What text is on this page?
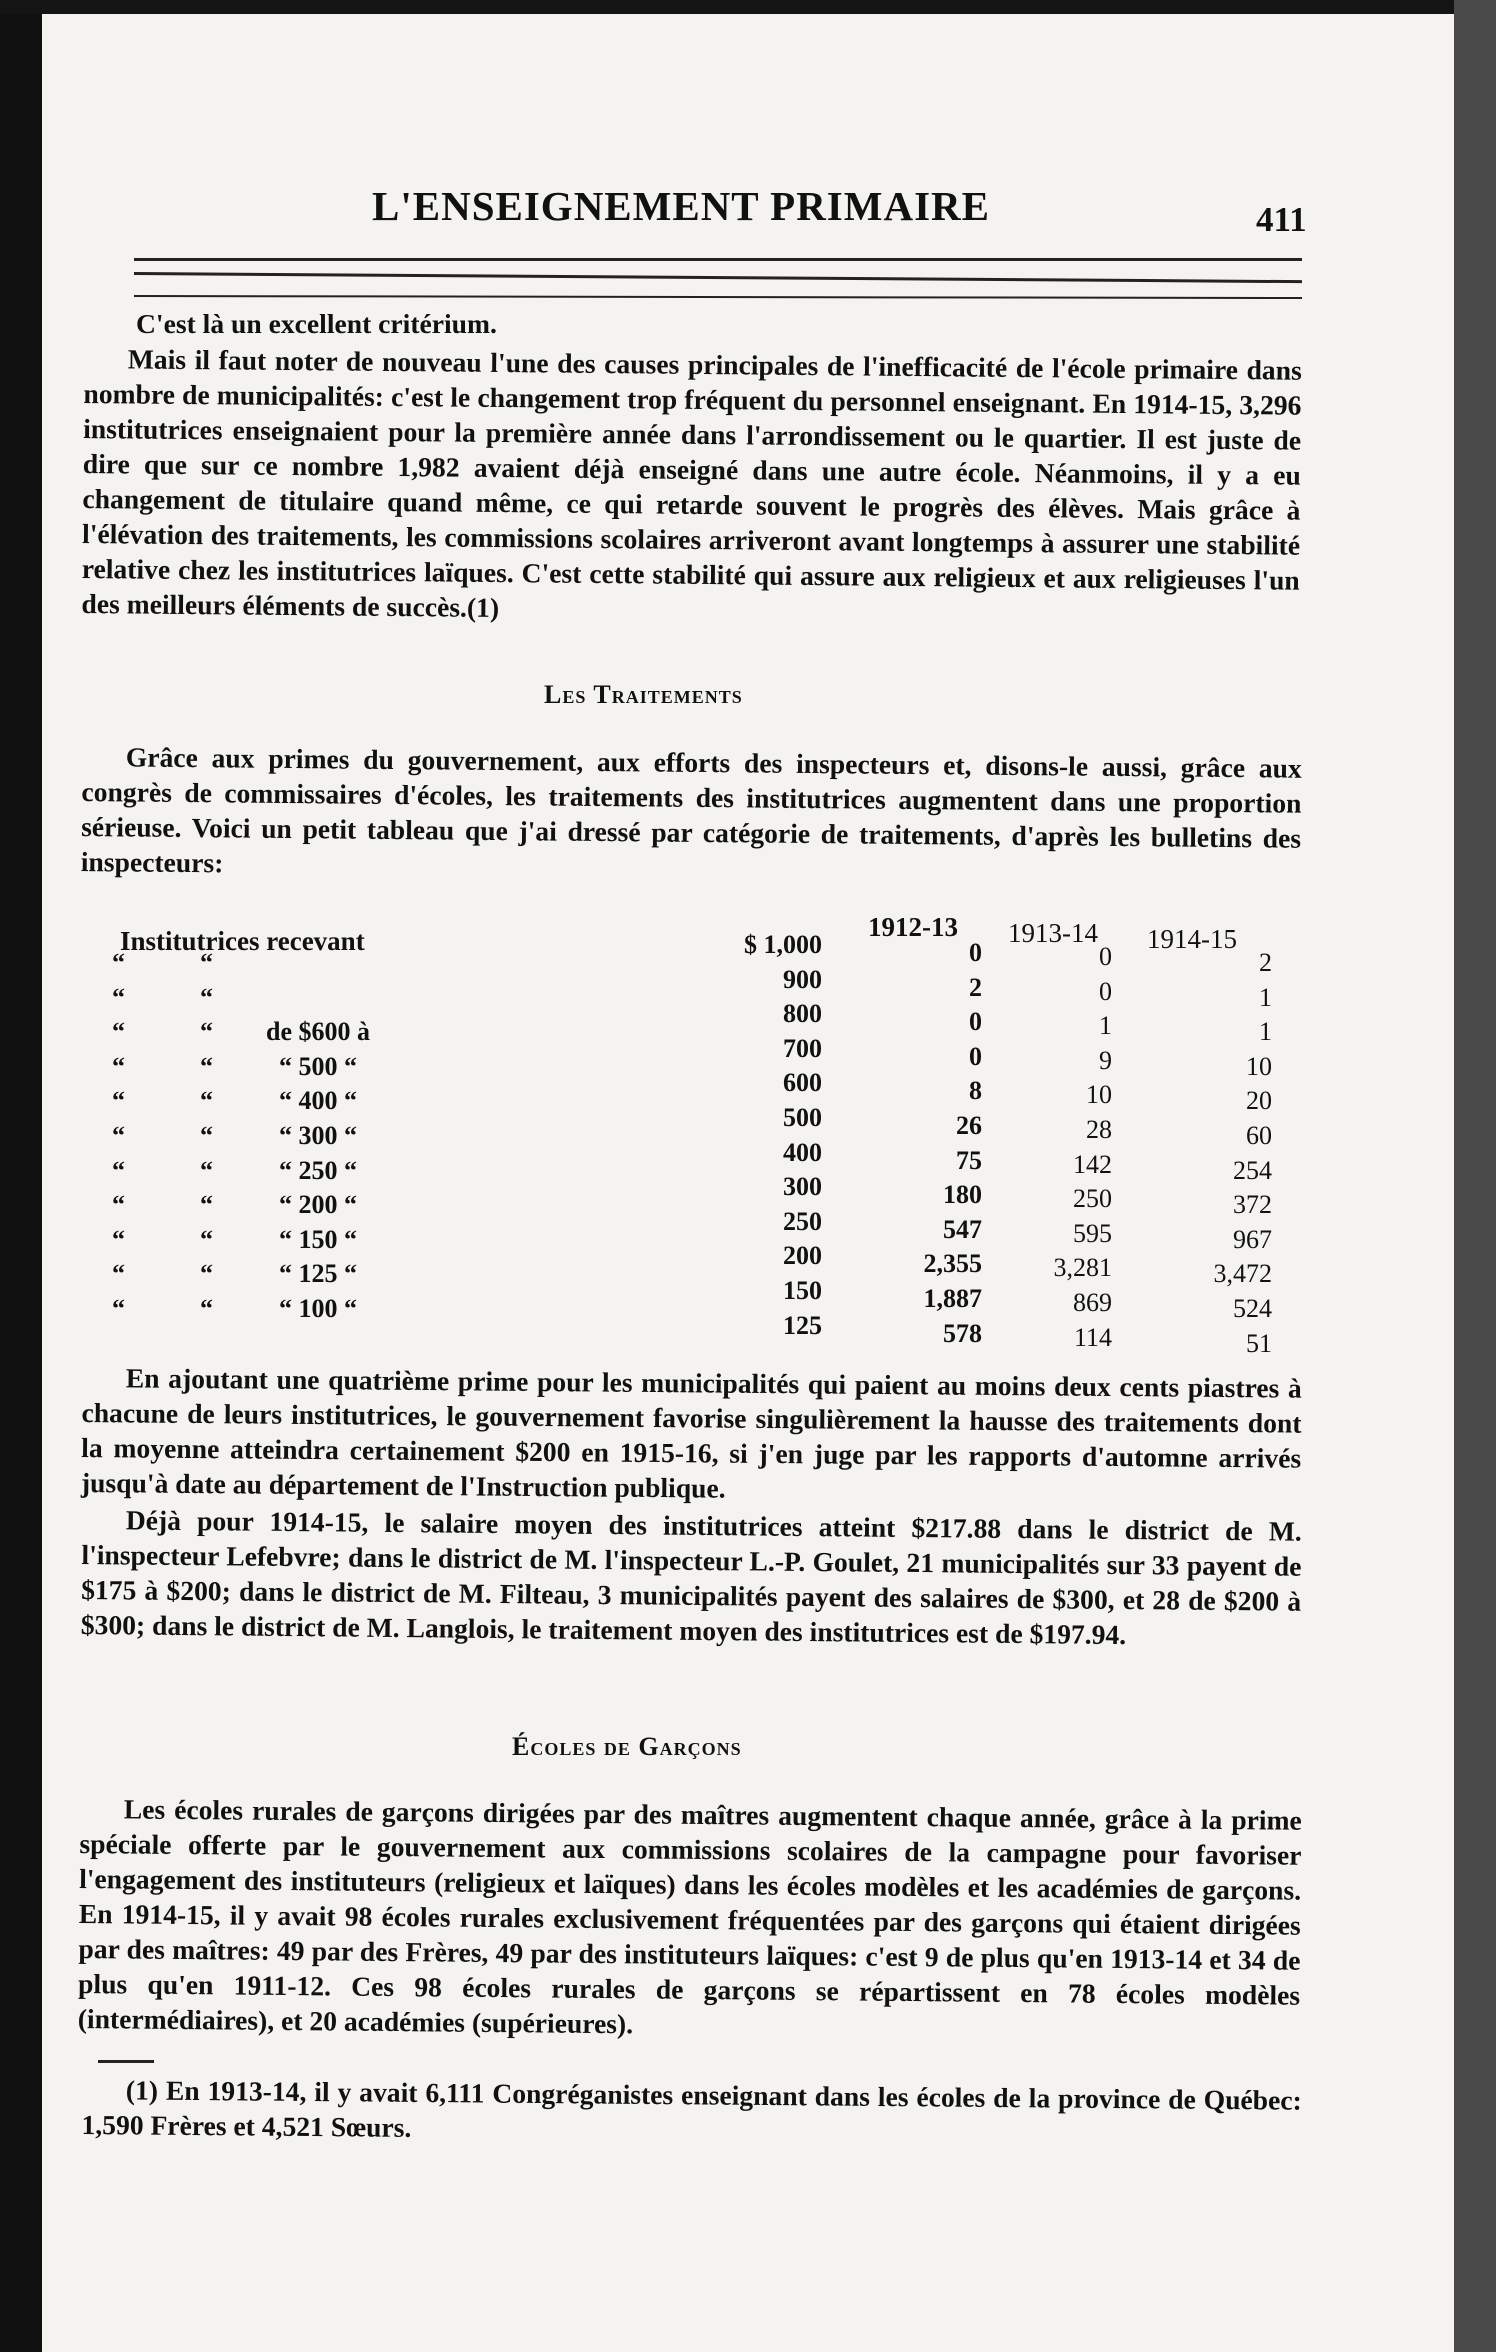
L'ENSEIGNEMENT PRIMAIRE	411
C'est là un excellent critérium.
Mais il faut noter de nouveau l'une des causes principales de l'inefficacité de l'école primaire dans nombre de municipalités: c'est le changement trop fréquent du personnel enseignant. En 1914-15, 3,296 institutrices enseignaient pour la première année dans l'arrondissement ou le quartier. Il est juste de dire que sur ce nombre 1,982 avaient déjà enseigné dans une autre école. Néanmoins, il y a eu changement de titulaire quand même, ce qui retarde souvent le progrès des élèves. Mais grâce à l'élévation des traitements, les commissions scolaires arriveront avant longtemps à assurer une stabilité relative chez les institutrices laïques. C'est cette stabilité qui assure aux religieux et aux religieuses l'un des meilleurs éléments de succès.(1)
Les Traitements
Grâce aux primes du gouvernement, aux efforts des inspecteurs et, disons-le aussi, grâce aux congrès de commissaires d'écoles, les traitements des institutrices augmentent dans une proportion sérieuse. Voici un petit tableau que j'ai dressé par catégorie de traitements, d'après les bulletins des inspecteurs:
Institutrices recevant	1912-13 1913-14 1914-15
“
“
“
“
“
“
“
“
“
“
“
“
“
“
“
“
“
“
“
“
“
“

de $600 à
“ 500 “
“ 400 “
“ 300 “
“ 250 “
“ 200 “
“ 150 “
“ 125 “
“ 100 “
$ 1,000
900
800
700
600
500
400
300
250
200
150
125
0
2
0
0
8
26
75
180
547
2,355
1,887
578
0
0
1
9
10
28
142
250
595
3,281
869
114
2
1
1
10
20
60
254
372
967
3,472
524
51
En ajoutant une quatrième prime pour les municipalités qui paient au moins deux cents piastres à chacune de leurs institutrices, le gouvernement favorise singulièrement la hausse des traitements dont la moyenne atteindra certainement $200 en 1915-16, si j'en juge par les rapports d'automne arrivés jusqu'à date au département de l'Instruction publique.
Déjà pour 1914-15, le salaire moyen des institutrices atteint $217.88 dans le district de M. l'inspecteur Lefebvre; dans le district de M. l'inspecteur L.-P. Goulet, 21 municipalités sur 33 payent de $175 à $200; dans le district de M. Filteau, 3 municipalités payent des salaires de $300, et 28 de $200 à $300; dans le district de M. Langlois, le traitement moyen des institutrices est de $197.94.
Écoles de Garçons
Les écoles rurales de garçons dirigées par des maîtres augmentent chaque année, grâce à la prime spéciale offerte par le gouvernement aux commissions scolaires de la campagne pour favoriser l'engagement des instituteurs (religieux et laïques) dans les écoles modèles et les académies de garçons. En 1914-15, il y avait 98 écoles rurales exclusivement fréquentées par des garçons qui étaient dirigées par des maîtres: 49 par des Frères, 49 par des instituteurs laïques: c'est 9 de plus qu'en 1913-14 et 34 de plus qu'en 1911-12. Ces 98 écoles rurales de garçons se répartissent en 78 écoles modèles (intermédiaires), et 20 académies (supérieures).
(1) En 1913-14, il y avait 6,111 Congréganistes enseignant dans les écoles de la province de Québec: 1,590 Frères et 4,521 Sœurs.
